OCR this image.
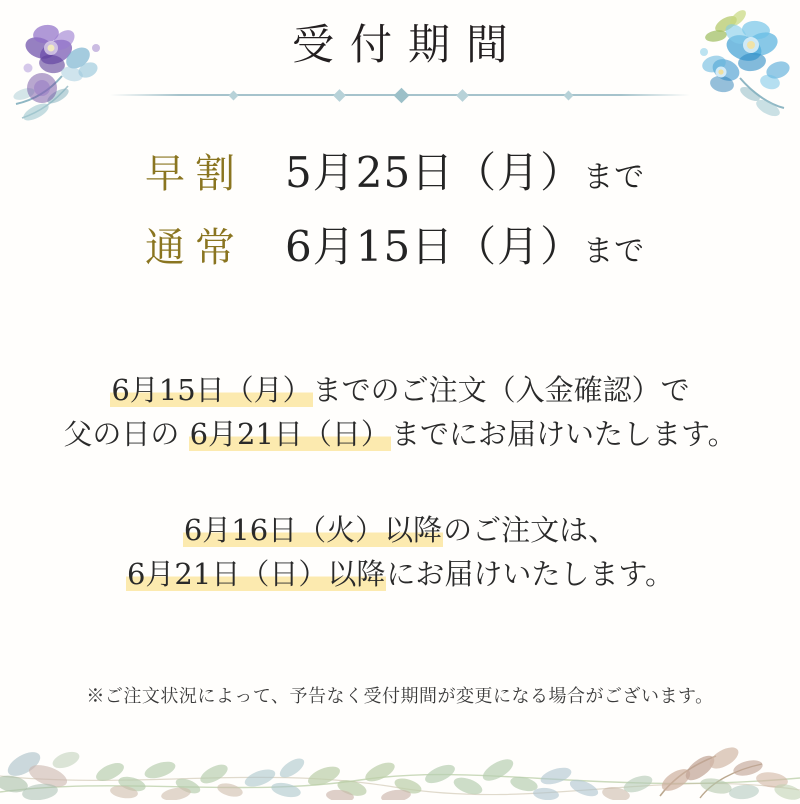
受付期間
早割 5月25日（月）まで
通常 6月15日（月）まで
6月15日（月）までのご注文（入金確認）で
父の日の 6月21日（日）までにお届けいたします。
6月16日（火）以降のご注文は、
6月21日（日）以降にお届けいたします。
※ご注文状況によって、予告なく受付期間が変更になる場合がございます。
